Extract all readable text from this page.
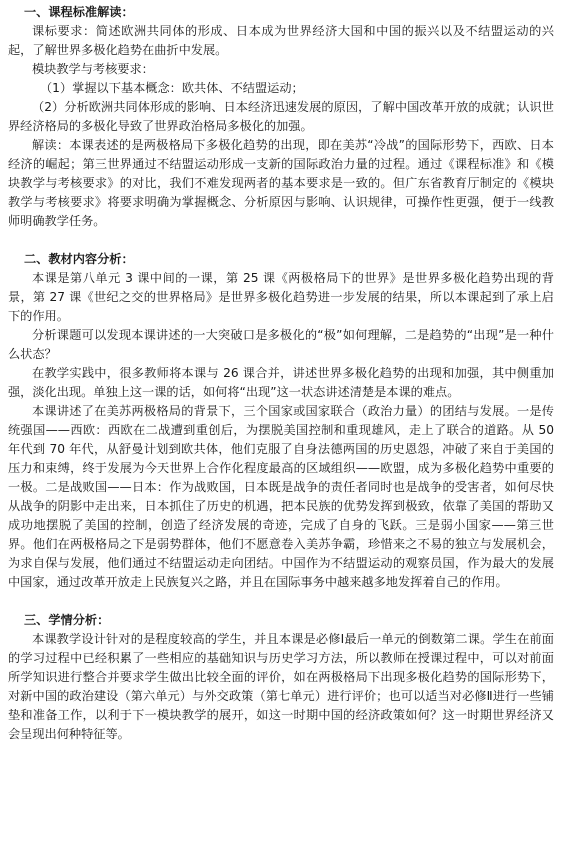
一、课程标准解读：

课标要求：简述欧洲共同体的形成、日本成为世界经济大国和中国的振兴以及不结盟运动的兴起，了解世界多极化趋势在曲折中发展。

模块教学与考核要求：

（1）掌握以下基本概念：欧共体、不结盟运动；

（2）分析欧洲共同体形成的影响、日本经济迅速发展的原因，了解中国改革开放的成就；认识世界经济格局的多极化导致了世界政治格局多极化的加强。

解读：本课表述的是两极格局下多极化趋势的出现，即在美苏“冷战”的国际形势下，西欧、日本经济的崛起；第三世界通过不结盟运动形成一支新的国际政治力量的过程。通过《课程标准》和《模块教学与考核要求》的对比，我们不难发现两者的基本要求是一致的。但广东省教育厅制定的《模块教学与考核要求》将要求明确为掌握概念、分析原因与影响、认识规律，可操作性更强，便于一线教师明确教学任务。

二、教材内容分析：

本课是第八单元 3 课中间的一课，第 25 课《两极格局下的世界》是世界多极化趋势出现的背景，第 27 课《世纪之交的世界格局》是世界多极化趋势进一步发展的结果，所以本课起到了承上启下的作用。

分析课题可以发现本课讲述的一大突破口是多极化的“极”如何理解，二是趋势的“出现”是一种什么状态？

在教学实践中，很多教师将本课与 26 课合并，讲述世界多极化趋势的出现和加强，其中侧重加强，淡化出现。单独上这一课的话，如何将“出现”这一状态讲述清楚是本课的难点。

本课讲述了在美苏两极格局的背景下，三个国家或国家联合（政治力量）的团结与发展。一是传统强国——西欧：西欧在二战遭到重创后，为摆脱美国控制和重现雄风，走上了联合的道路。从 50 年代到 70 年代，从舒曼计划到欧共体，他们克服了自身法德两国的历史恩怨，冲破了来自于美国的压力和束缚，终于发展为今天世界上合作化程度最高的区域组织——欧盟，成为多极化趋势中重要的一极。二是战败国——日本：作为战败国，日本既是战争的责任者同时也是战争的受害者，如何尽快从战争的阴影中走出来，日本抓住了历史的机遇，把本民族的优势发挥到极致，依靠了美国的帮助又成功地摆脱了美国的控制，创造了经济发展的奇迹，完成了自身的飞跃。三是弱小国家——第三世界。他们在两极格局之下是弱势群体，他们不愿意卷入美苏争霸，珍惜来之不易的独立与发展机会，为求自保与发展，他们通过不结盟运动走向团结。中国作为不结盟运动的观察员国，作为最大的发展中国家，通过改革开放走上民族复兴之路，并且在国际事务中越来越多地发挥着自己的作用。

三、学情分析：

本课教学设计针对的是程度较高的学生，并且本课是必修Ⅰ最后一单元的倒数第二课。学生在前面的学习过程中已经积累了一些相应的基础知识与历史学习方法，所以教师在授课过程中，可以对前面所学知识进行整合并要求学生做出比较全面的评价，如在两极格局下出现多极化趋势的国际形势下，对新中国的政治建设（第六单元）与外交政策（第七单元）进行评价；也可以适当对必修Ⅱ进行一些铺垫和准备工作，以利于下一模块教学的展开，如这一时期中国的经济政策如何？这一时期世界经济又会呈现出何种特征等。
